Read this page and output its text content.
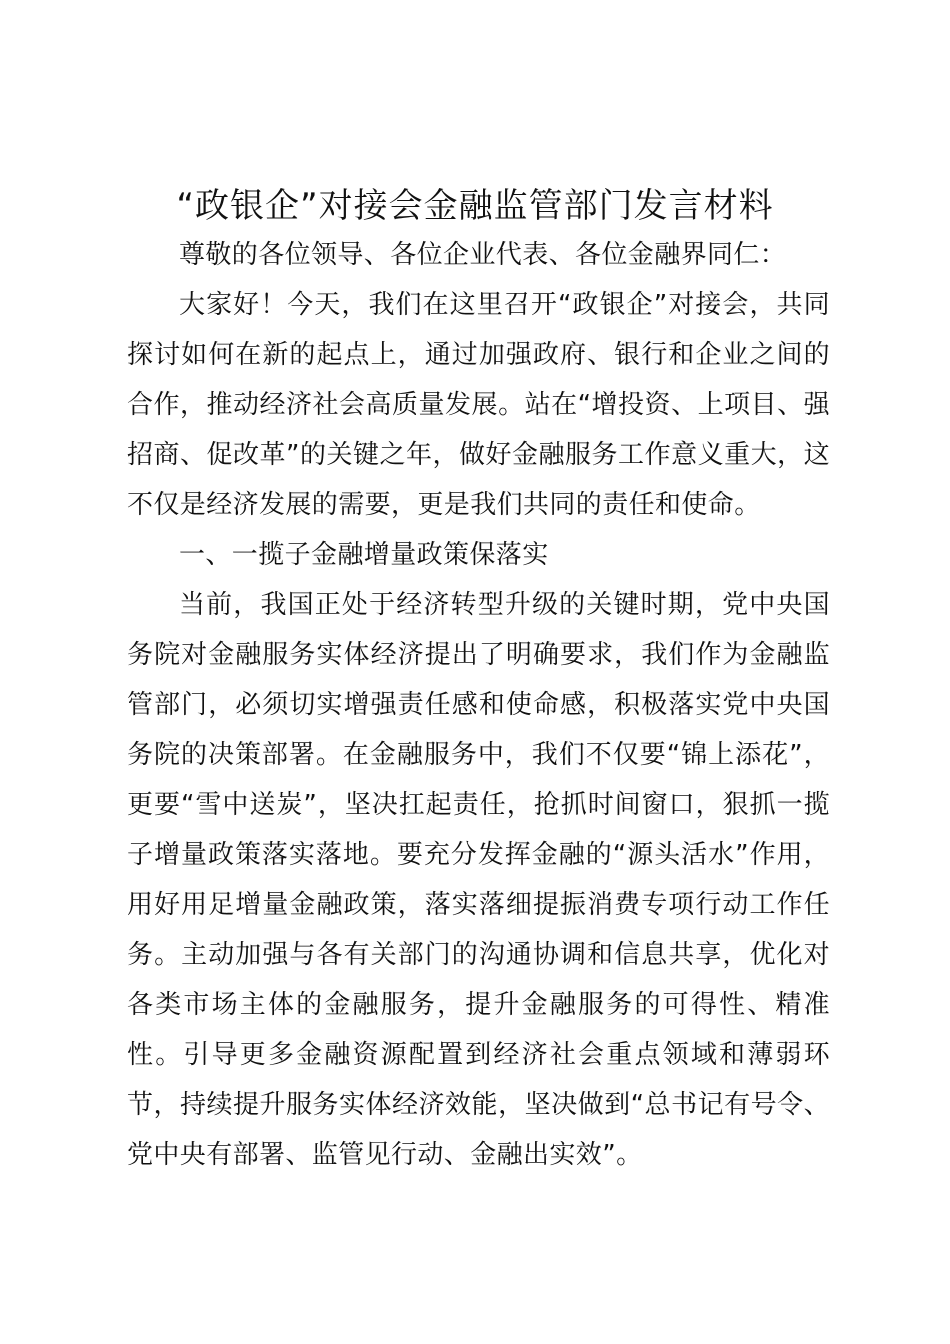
“政银企”对接会金融监管部门发言材料

尊敬的各位领导、各位企业代表、各位金融界同仁：

大家好！今天，我们在这里召开“政银企”对接会，共同探讨如何在新的起点上，通过加强政府、银行和企业之间的合作，推动经济社会高质量发展。站在“增投资、上项目、强招商、促改革”的关键之年，做好金融服务工作意义重大，这不仅是经济发展的需要，更是我们共同的责任和使命。

一、一揽子金融增量政策保落实

当前，我国正处于经济转型升级的关键时期，党中央国务院对金融服务实体经济提出了明确要求，我们作为金融监管部门，必须切实增强责任感和使命感，积极落实党中央国务院的决策部署。在金融服务中，我们不仅要“锦上添花”，更要“雪中送炭”，坚决扛起责任，抢抓时间窗口，狠抓一揽子增量政策落实落地。要充分发挥金融的“源头活水”作用，用好用足增量金融政策，落实落细提振消费专项行动工作任务。主动加强与各有关部门的沟通协调和信息共享，优化对各类市场主体的金融服务，提升金融服务的可得性、精准性。引导更多金融资源配置到经济社会重点领域和薄弱环节，持续提升服务实体经济效能，坚决做到“总书记有号令、党中央有部署、监管见行动、金融出实效”。
